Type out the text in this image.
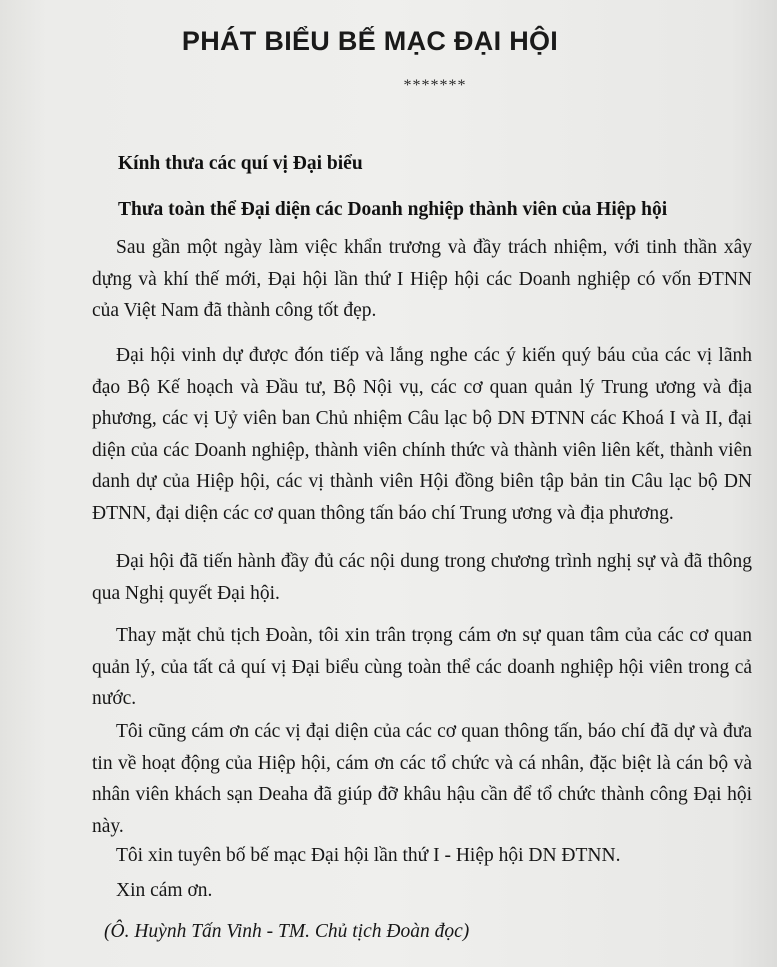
PHÁT BIỂU BẾ MẠC ĐẠI HỘI
*******
Kính thưa các quí vị Đại biểu
Thưa toàn thể Đại diện các Doanh nghiệp thành viên của Hiệp hội
Sau gần một ngày làm việc khẩn trương và đầy trách nhiệm, với tinh thần xây dựng và khí thế mới, Đại hội lần thứ I Hiệp hội các Doanh nghiệp có vốn ĐTNN của Việt Nam đã thành công tốt đẹp.
Đại hội vinh dự được đón tiếp và lắng nghe các ý kiến quý báu của các vị lãnh đạo Bộ Kế hoạch và Đầu tư, Bộ Nội vụ, các cơ quan quản lý Trung ương và địa phương, các vị Uỷ viên ban Chủ nhiệm Câu lạc bộ DN ĐTNN các Khoá I và II, đại diện của các Doanh nghiệp, thành viên chính thức và thành viên liên kết, thành viên danh dự của Hiệp hội, các vị thành viên Hội đồng biên tập bản tin Câu lạc bộ DN ĐTNN, đại diện các cơ quan thông tấn báo chí Trung ương và địa phương.
Đại hội đã tiến hành đầy đủ các nội dung trong chương trình nghị sự và đã thông qua Nghị quyết Đại hội.
Thay mặt chủ tịch Đoàn, tôi xin trân trọng cám ơn sự quan tâm của các cơ quan quản lý, của tất cả quí vị Đại biểu cùng toàn thể các doanh nghiệp hội viên trong cả nước.
Tôi cũng cám ơn các vị đại diện của các cơ quan thông tấn, báo chí đã dự và đưa tin về hoạt động của Hiệp hội, cám ơn các tổ chức và cá nhân, đặc biệt là cán bộ và nhân viên khách sạn Deaha đã giúp đỡ khâu hậu cần để tổ chức thành công Đại hội này.
Tôi xin tuyên bố bế mạc Đại hội lần thứ I - Hiệp hội DN ĐTNN.
Xin cám ơn.
(Ô. Huỳnh Tấn Vinh - TM. Chủ tịch Đoàn đọc)
